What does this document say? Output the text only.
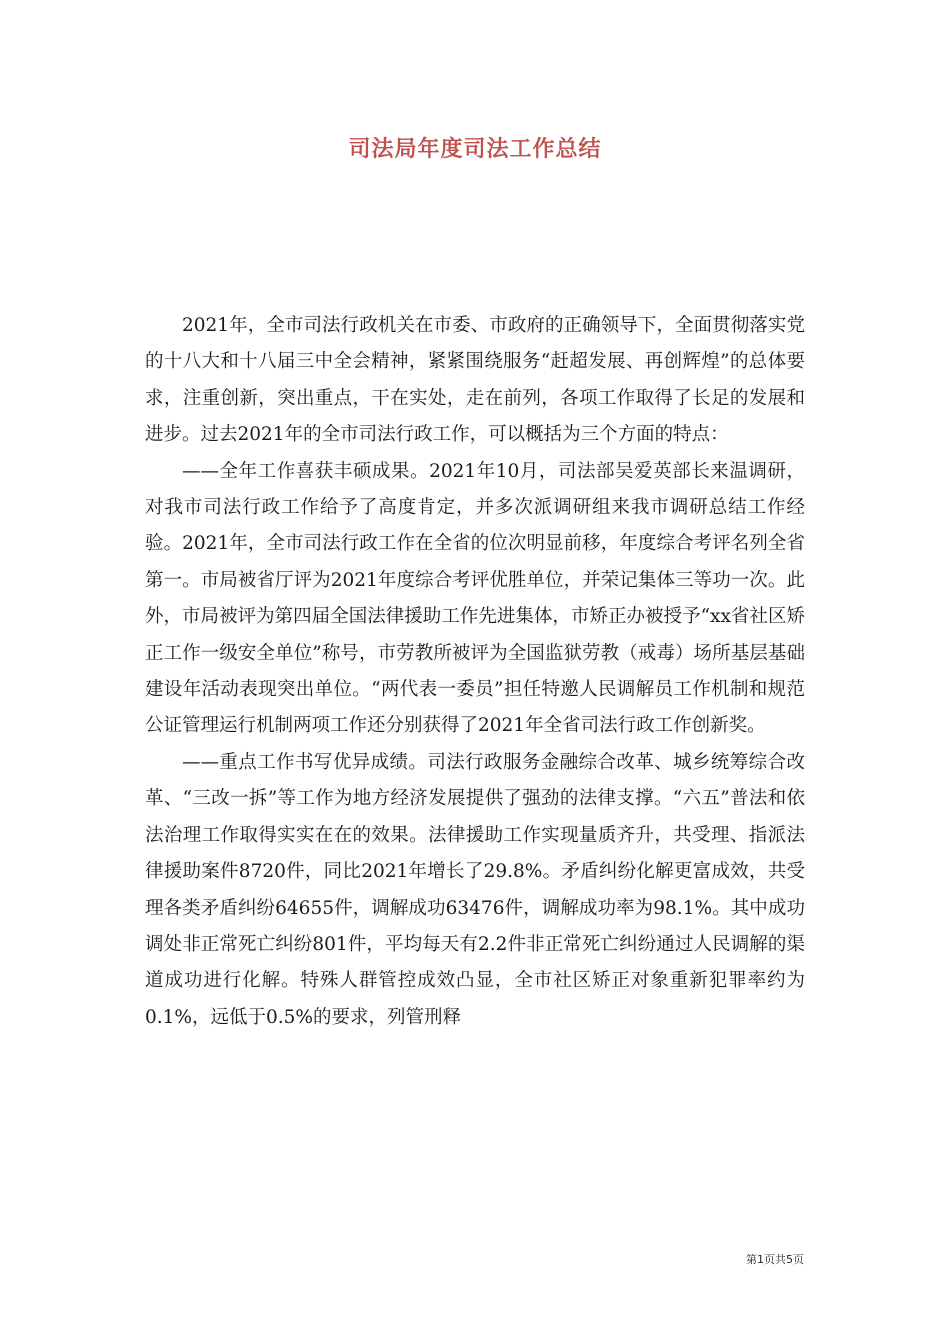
司法局年度司法工作总结

2021年，全市司法行政机关在市委、市政府的正确领导下，全面贯彻落实党的十八大和十八届三中全会精神，紧紧围绕服务“赶超发展、再创辉煌”的总体要求，注重创新，突出重点，干在实处，走在前列，各项工作取得了长足的发展和进步。过去2021年的全市司法行政工作，可以概括为三个方面的特点：

——全年工作喜获丰硕成果。2021年10月，司法部吴爱英部长来温调研，对我市司法行政工作给予了高度肯定，并多次派调研组来我市调研总结工作经验。2021年，全市司法行政工作在全省的位次明显前移，年度综合考评名列全省第一。市局被省厅评为2021年度综合考评优胜单位，并荣记集体三等功一次。此外，市局被评为第四届全国法律援助工作先进集体，市矫正办被授予“xx省社区矫正工作一级安全单位”称号，市劳教所被评为全国监狱劳教（戒毒）场所基层基础建设年活动表现突出单位。“两代表一委员”担任特邀人民调解员工作机制和规范公证管理运行机制两项工作还分别获得了2021年全省司法行政工作创新奖。

——重点工作书写优异成绩。司法行政服务金融综合改革、城乡统筹综合改革、“三改一拆”等工作为地方经济发展提供了强劲的法律支撑。“六五”普法和依法治理工作取得实实在在的效果。法律援助工作实现量质齐升，共受理、指派法律援助案件8720件，同比2021年增长了29.8%。矛盾纠纷化解更富成效，共受理各类矛盾纠纷64655件，调解成功63476件，调解成功率为98.1%。其中成功调处非正常死亡纠纷801件，平均每天有2.2件非正常死亡纠纷通过人民调解的渠道成功进行化解。特殊人群管控成效凸显，全市社区矫正对象重新犯罪率约为0.1%，远低于0.5%的要求，列管刑释

第1页共5页
